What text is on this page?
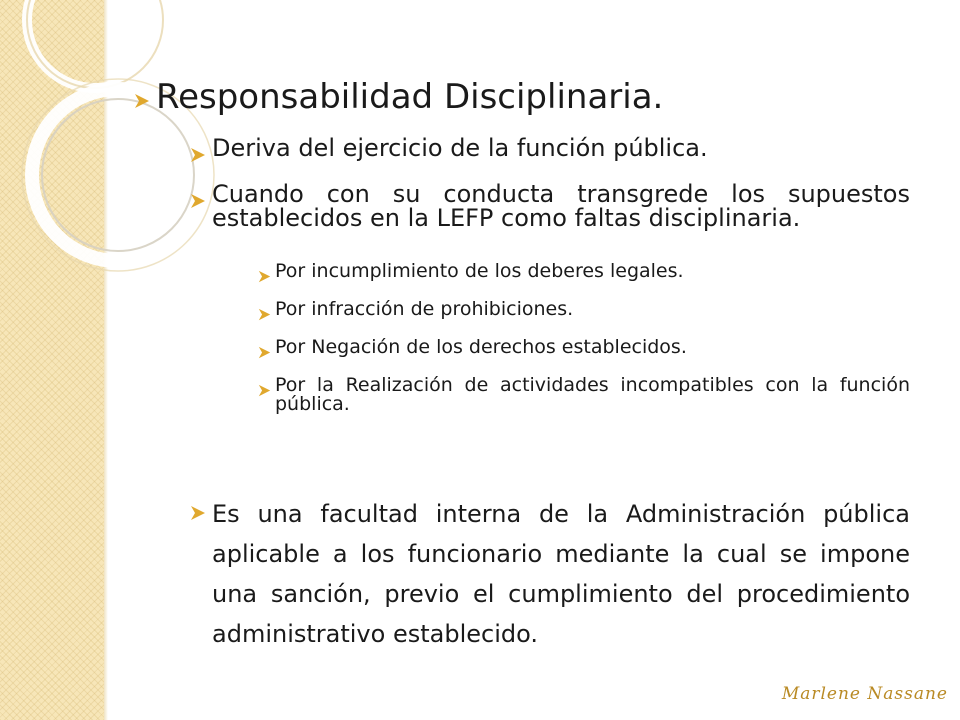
Responsabilidad Disciplinaria.
Deriva del ejercicio de la función pública.
Cuando con su conducta transgrede los supuestos establecidos en la LEFP como faltas disciplinaria.
Por incumplimiento de los deberes legales.
Por infracción de prohibiciones.
Por Negación de los derechos establecidos.
Por la Realización de actividades incompatibles con la función pública.
Es una facultad interna de la Administración pública aplicable a los funcionario mediante la cual se impone una sanción, previo el cumplimiento del procedimiento administrativo establecido.
Marlene Nassane
